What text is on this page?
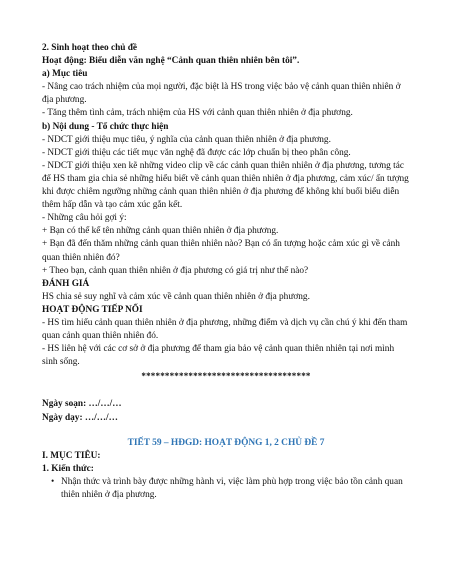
2. Sinh hoạt theo chủ đề

Hoạt động: Biểu diễn văn nghệ “Cảnh quan thiên nhiên bên tôi”.

a) Mục tiêu

- Nâng cao trách nhiệm của mọi người, đặc biệt là HS trong việc bảo vệ cảnh quan thiên nhiên ở địa phương.

- Tăng thêm tình cảm, trách nhiệm của HS với cảnh quan thiên nhiên ở địa phương.

b) Nội dung - Tổ chức thực hiện

- NDCT giới thiệu mục tiêu, ý nghĩa của cảnh quan thiên nhiên ở địa phương.

- NDCT giới thiệu các tiết mục văn nghệ đã được các lớp chuẩn bị theo phân công.

- NDCT giới thiệu xen kẽ những video clip về các cảnh quan thiên nhiên ở địa phương, tương tác để HS tham gia chia sẻ những hiểu biết về cảnh quan thiên nhiên ở địa phương, cảm xúc/ ấn tượng khi được chiêm ngưỡng những cảnh quan thiên nhiên ở địa phương để không khí buổi biểu diễn thêm hấp dẫn và tạo cảm xúc gắn kết.

- Những câu hỏi gợi ý:

+ Bạn có thể kể tên những cảnh quan thiên nhiên ở địa phương.

+ Bạn đã đến thăm những cảnh quan thiên nhiên nào? Bạn có ấn tượng hoặc cảm xúc gì về cảnh quan thiên nhiên đó?

+ Theo bạn, cảnh quan thiên nhiên ở địa phương có giá trị như thế nào?

ĐÁNH GIÁ

HS chia sẻ suy nghĩ và cảm xúc về cảnh quan thiên nhiên ở địa phương.

HOẠT ĐỘNG TIẾP NỐI

- HS tìm hiểu cảnh quan thiên nhiên ở địa phương, những điểm và dịch vụ cần chú ý khi đến tham quan cảnh quan thiên nhiên đó.

- HS liên hệ với các cơ sở ở địa phương để tham gia bảo vệ cảnh quan thiên nhiên tại nơi mình sinh sống.

************************************

Ngày soạn: …/…/…

Ngày dạy: …/…/…

TIẾT 59 – HĐGD: HOẠT ĐỘNG 1, 2 CHỦ ĐỀ 7

I. MỤC TIÊU:

1. Kiến thức:

• Nhận thức và trình bày được những hành vi, việc làm phù hợp trong việc bảo tồn cảnh quan thiên nhiên ở địa phương.
